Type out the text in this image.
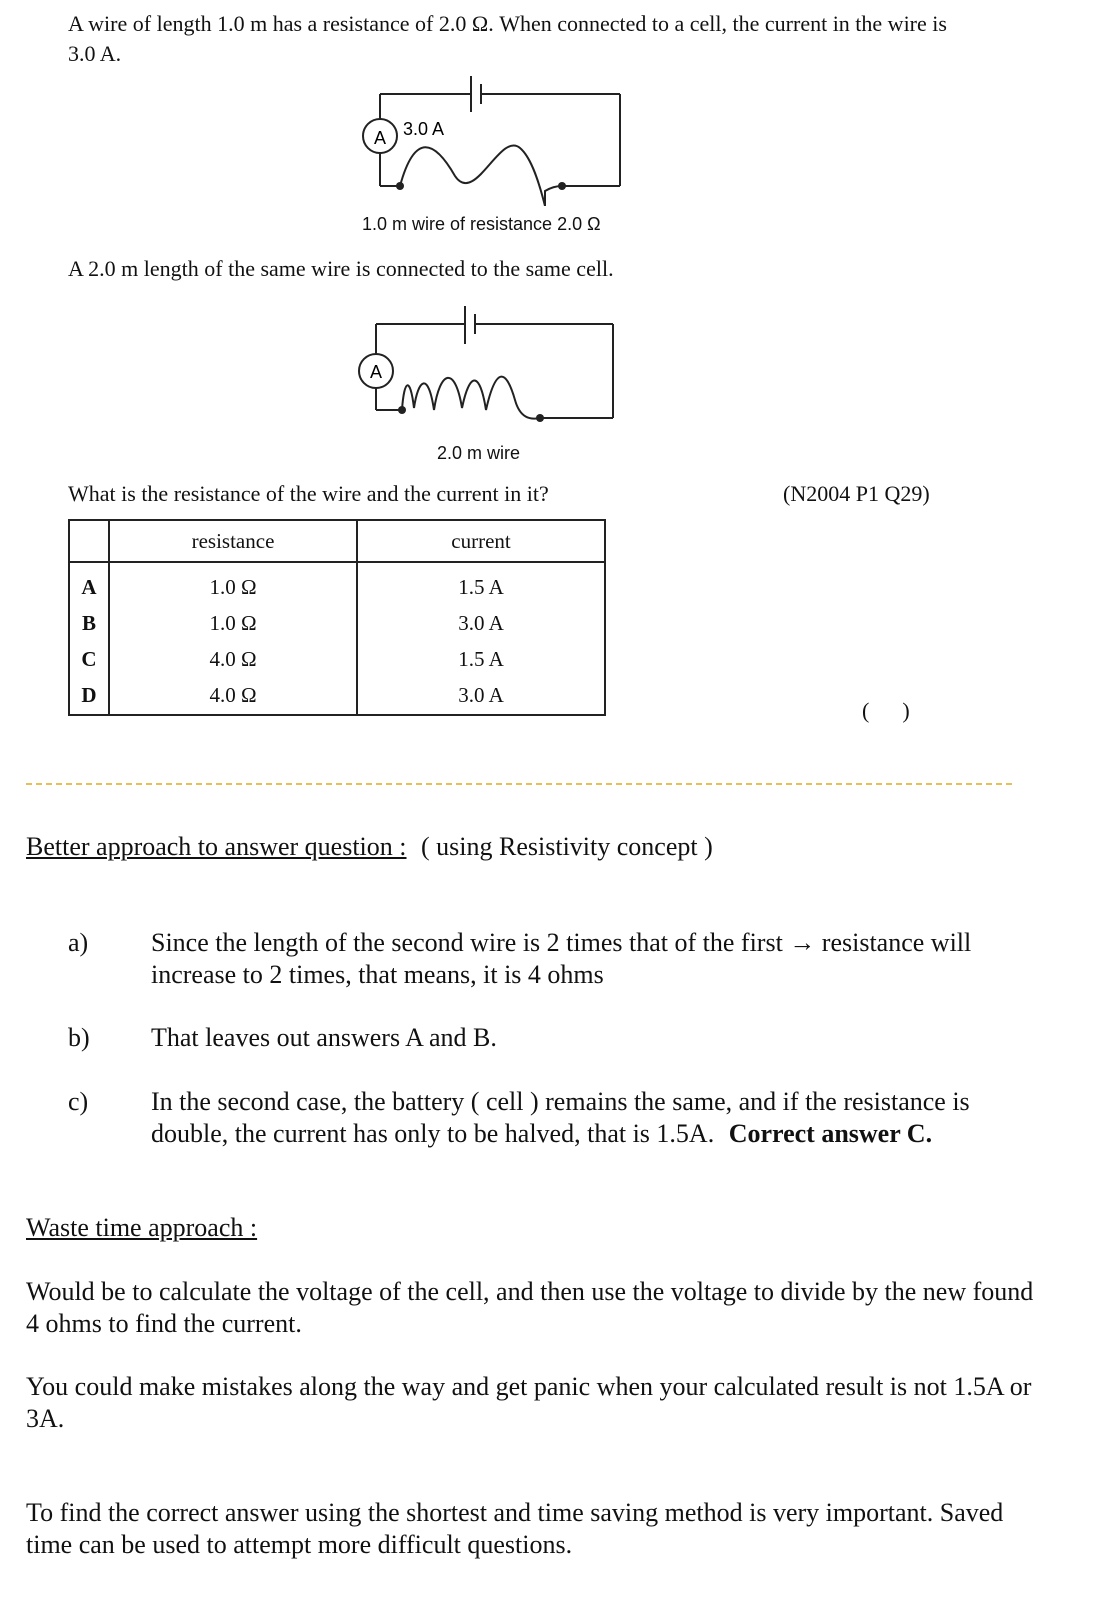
A wire of length 1.0 m has a resistance of 2.0 Ω. When connected to a cell, the current in the wire is 3.0 A.
A 3.0 A
1.0 m wire of resistance 2.0 Ω
A 2.0 m length of the same wire is connected to the same cell.
A
2.0 m wire
What is the resistance of the wire and the current in it?	(N2004 P1 Q29)
	resistance	current
A	1.0 Ω	1.5 A
B	1.0 Ω	3.0 A
C	4.0 Ω	1.5 A
D	4.0 Ω	3.0 A
(      )
Better approach to answer question : ( using Resistivity concept )
a) Since the length of the second wire is 2 times that of the first → resistance will increase to 2 times, that means, it is 4 ohms
b) That leaves out answers A and B.
c) In the second case, the battery ( cell ) remains the same, and if the resistance is double, the current has only to be halved, that is 1.5A. Correct answer C.
Waste time approach :
Would be to calculate the voltage of the cell, and then use the voltage to divide by the new found 4 ohms to find the current.
You could make mistakes along the way and get panic when your calculated result is not 1.5A or 3A.
To find the correct answer using the shortest and time saving method is very important. Saved time can be used to attempt more difficult questions.
